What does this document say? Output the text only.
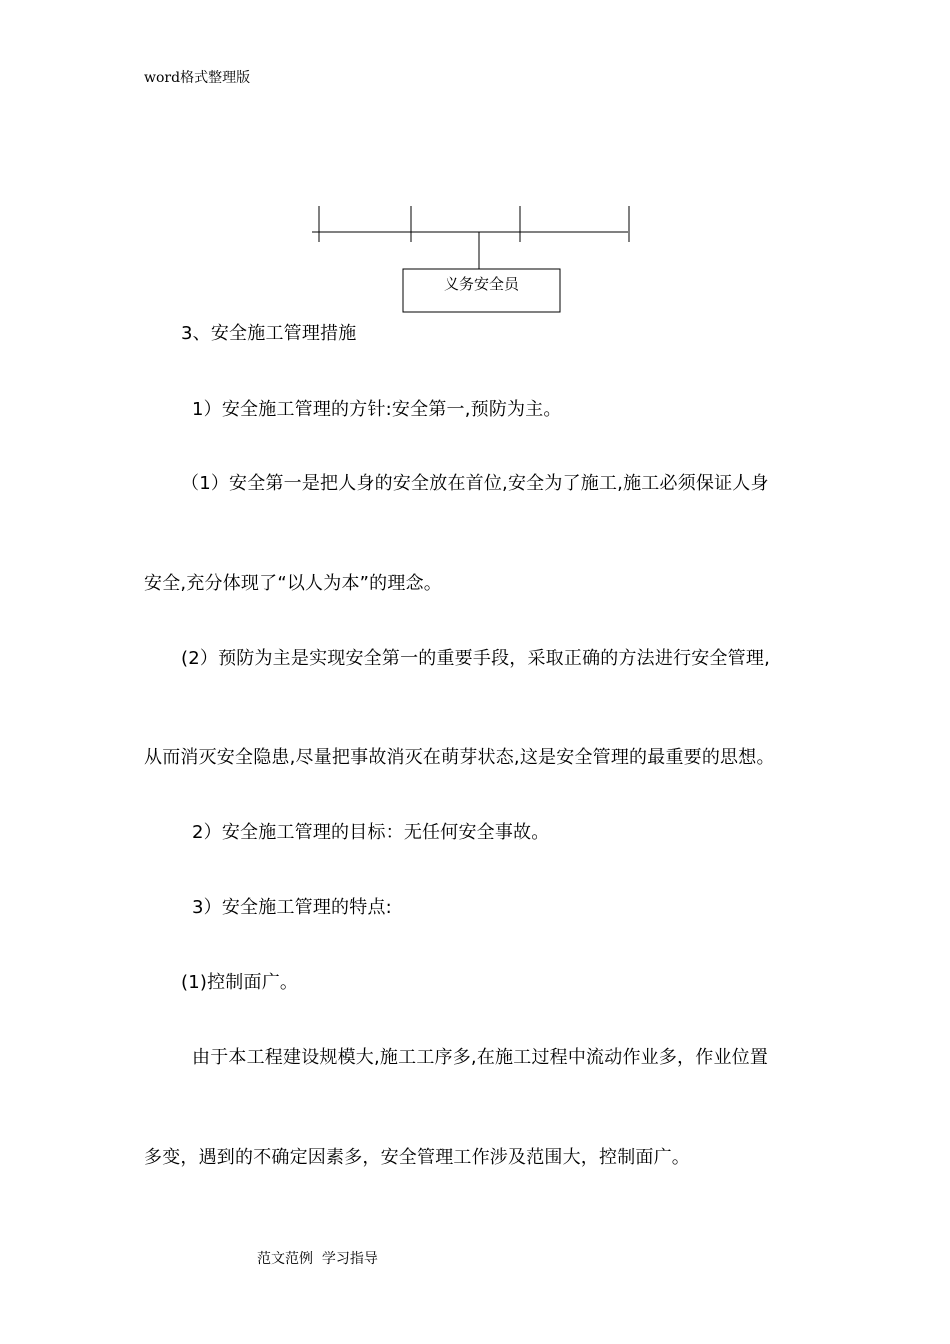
word格式整理版
义务安全员
3、安全施工管理措施
1）安全施工管理的方针:安全第一,预防为主。
（1）安全第一是把人身的安全放在首位,安全为了施工,施工必须保证人身
安全,充分体现了“以人为本”的理念。
(2）预防为主是实现安全第一的重要手段，采取正确的方法进行安全管理,
从而消灭安全隐患,尽量把事故消灭在萌芽状态,这是安全管理的最重要的思想。
2）安全施工管理的目标：无任何安全事故。
3）安全施工管理的特点:
(1)控制面广。
由于本工程建设规模大,施工工序多,在施工过程中流动作业多，作业位置
多变，遇到的不确定因素多，安全管理工作涉及范围大，控制面广。
范文范例  学习指导
